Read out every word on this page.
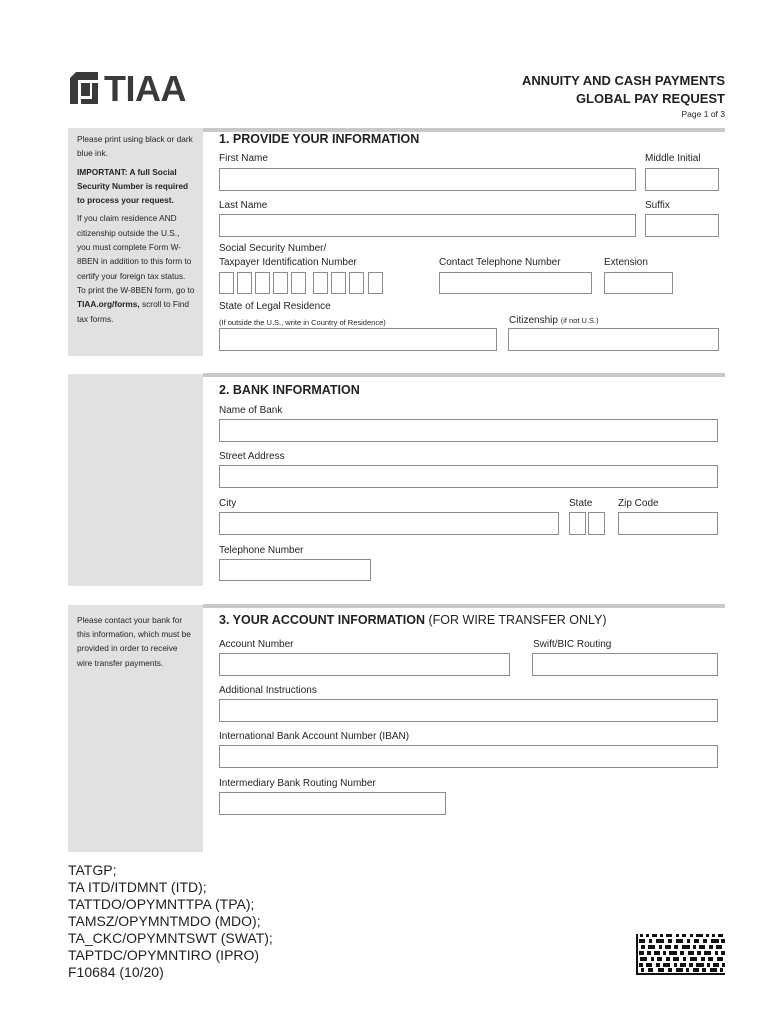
TIAA	ANNUITY AND CASH PAYMENTS
GLOBAL PAY REQUEST
Page 1 of 3

Please print using black or dark blue ink.

IMPORTANT: A full Social Security Number is required to process your request.

If you claim residence AND citizenship outside the U.S., you must complete Form W-8BEN in addition to this form to certify your foreign tax status. To print the W-8BEN form, go to TIAA.org/forms, scroll to Find tax forms.

1. PROVIDE YOUR INFORMATION
First Name	Middle Initial
Last Name	Suffix
Social Security Number/
Taxpayer Identification Number	Contact Telephone Number	Extension
State of Legal Residence
(If outside the U.S., write in Country of Residence)	Citizenship (if not U.S.)
2. BANK INFORMATION
Name of Bank
Street Address
City	State	Zip Code
Telephone Number

Please contact your bank for this information, which must be provided in order to receive wire transfer payments.

3. YOUR ACCOUNT INFORMATION (FOR WIRE TRANSFER ONLY)
Account Number	Swift/BIC Routing
Additional Instructions
International Bank Account Number (IBAN)
Intermediary Bank Routing Number
TATGP;
TA ITD/ITDMNT (ITD);
TATTDO/OPYMNTTPA (TPA);
TAMSZ/OPYMNTMDO (MDO);
TA_CKC/OPYMNTSWT (SWAT);
TAPTDC/OPYMNTIRO (IPRO)
F10684 (10/20)
